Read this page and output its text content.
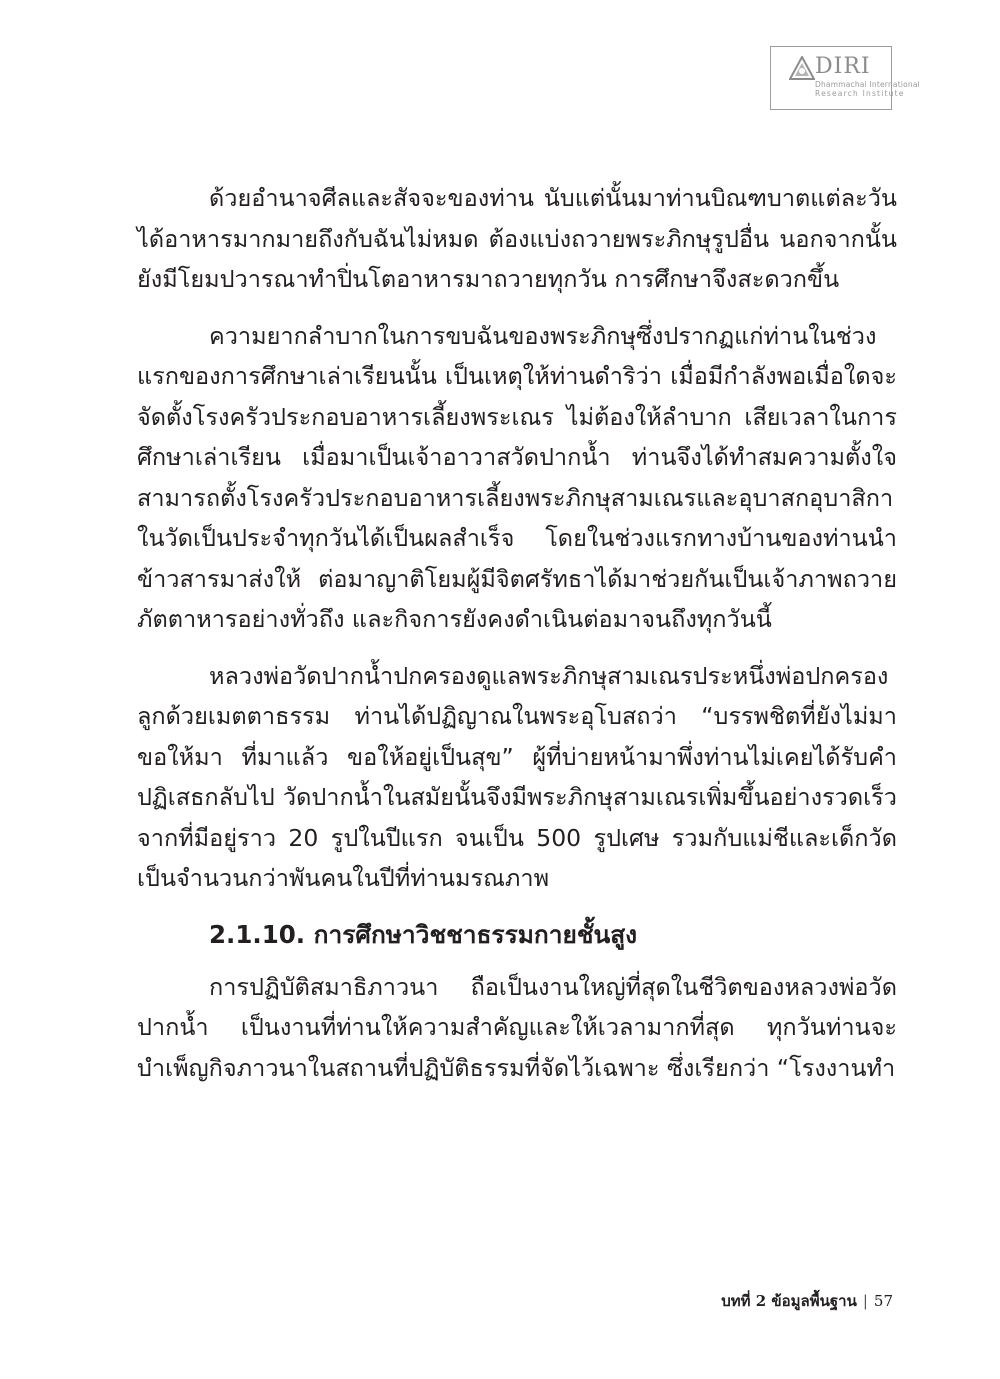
DIRI
Dhammachai International
Research Institute

ด้วยอำนาจศีลและสัจจะของท่าน นับแต่นั้นมาท่านบิณฑบาตแต่ละวันได้อาหารมากมายถึงกับฉันไม่หมด ต้องแบ่งถวายพระภิกษุรูปอื่น นอกจากนั้นยังมีโยมปวารณาทำปิ่นโตอาหารมาถวายทุกวัน การศึกษาจึงสะดวกขึ้น

ความยากลำบากในการขบฉันของพระภิกษุซึ่งปรากฏแก่ท่านในช่วงแรกของการศึกษาเล่าเรียนนั้น เป็นเหตุให้ท่านดำริว่า เมื่อมีกำลังพอเมื่อใดจะจัดตั้งโรงครัวประกอบอาหารเลี้ยงพระเณร ไม่ต้องให้ลำบาก เสียเวลาในการศึกษาเล่าเรียน เมื่อมาเป็นเจ้าอาวาสวัดปากน้ำ ท่านจึงได้ทำสมความตั้งใจสามารถตั้งโรงครัวประกอบอาหารเลี้ยงพระภิกษุสามเณรและอุบาสกอุบาสิกาในวัดเป็นประจำทุกวันได้เป็นผลสำเร็จ โดยในช่วงแรกทางบ้านของท่านนำข้าวสารมาส่งให้ ต่อมาญาติโยมผู้มีจิตศรัทธาได้มาช่วยกันเป็นเจ้าภาพถวายภัตตาหารอย่างทั่วถึง และกิจการยังคงดำเนินต่อมาจนถึงทุกวันนี้

หลวงพ่อวัดปากน้ำปกครองดูแลพระภิกษุสามเณรประหนึ่งพ่อปกครองลูกด้วยเมตตาธรรม ท่านได้ปฏิญาณในพระอุโบสถว่า “บรรพชิตที่ยังไม่มา ขอให้มา ที่มาแล้ว ขอให้อยู่เป็นสุข” ผู้ที่บ่ายหน้ามาพึ่งท่านไม่เคยได้รับคำปฏิเสธกลับไป วัดปากน้ำในสมัยนั้นจึงมีพระภิกษุสามเณรเพิ่มขึ้นอย่างรวดเร็ว จากที่มีอยู่ราว 20 รูปในปีแรก จนเป็น 500 รูปเศษ รวมกับแม่ชีและเด็กวัดเป็นจำนวนกว่าพันคนในปีที่ท่านมรณภาพ

2.1.10. การศึกษาวิชชาธรรมกายชั้นสูง

การปฏิบัติสมาธิภาวนา ถือเป็นงานใหญ่ที่สุดในชีวิตของหลวงพ่อวัดปากน้ำ เป็นงานที่ท่านให้ความสำคัญและให้เวลามากที่สุด ทุกวันท่านจะบำเพ็ญกิจภาวนาในสถานที่ปฏิบัติธรรมที่จัดไว้เฉพาะ ซึ่งเรียกว่า “โรงงานทำ

บทที่ 2 ข้อมูลพื้นฐาน | 57
